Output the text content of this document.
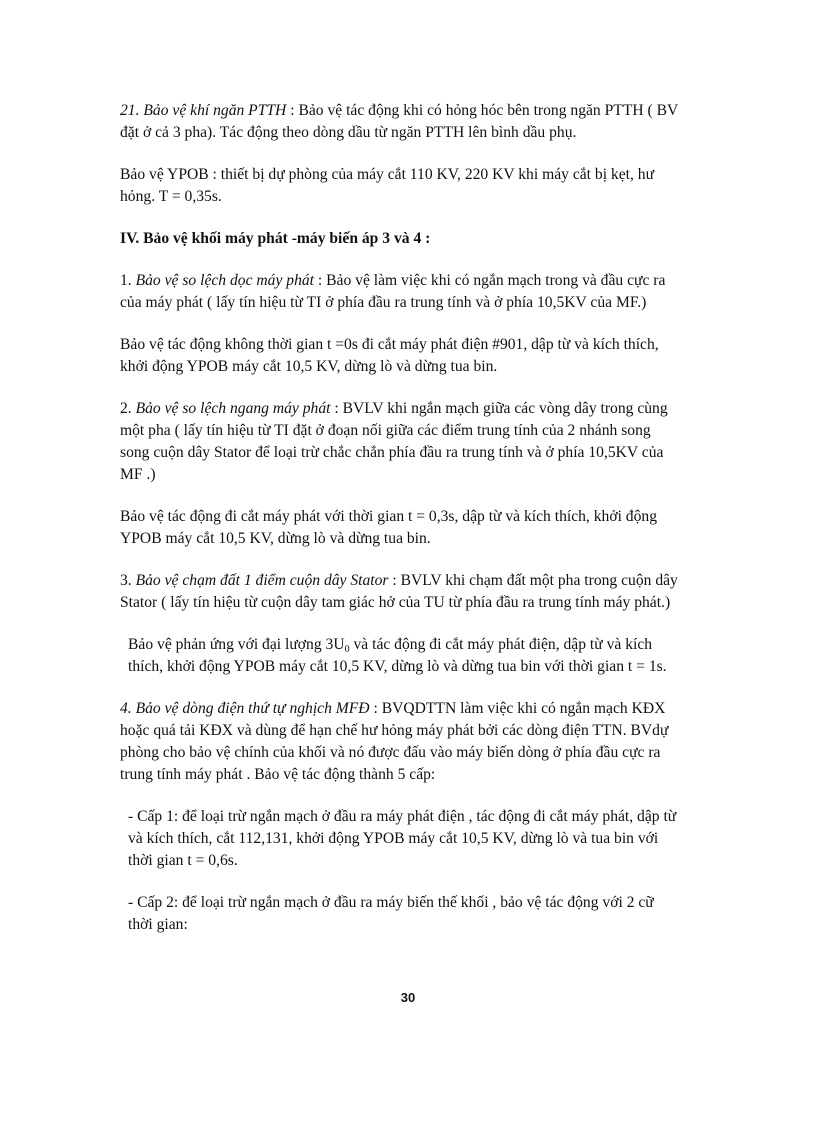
21. Bảo vệ khí ngăn PTTH : Bảo vệ tác động khi có hỏng hóc bên trong ngăn PTTH ( BV
đặt ở cả 3 pha). Tác động theo dòng dầu từ ngăn PTTH lên bình dầu phụ.

Bảo vệ YPOB : thiết bị dự phòng của máy cắt 110 KV, 220 KV khi máy cắt bị kẹt, hư
hỏng. T = 0,35s.

IV. Bảo vệ khối máy phát -máy biến áp 3 và 4 :

1. Bảo vệ so lệch dọc máy phát : Bảo vệ làm việc khi có ngắn mạch trong và đầu cực ra
của máy phát ( lấy tín hiệu từ TI ở phía đầu ra trung tính và ở phía 10,5KV của MF.)

Bảo vệ tác động không thời gian t =0s đi cắt máy phát điện #901, dập từ và kích thích,
khởi động YPOB máy cắt 10,5 KV, dừng lò và dừng tua bin.

2. Bảo vệ so lệch ngang máy phát : BVLV khi ngắn mạch giữa các vòng dây trong cùng
một pha ( lấy tín hiệu từ TI đặt ở đoạn nối giữa các điểm trung tính của 2 nhánh song
song cuộn dây Stator để loại trừ chắc chắn phía đầu ra trung tính và ở phía 10,5KV của
MF .)

Bảo vệ tác động đi cắt máy phát với thời gian t = 0,3s, dập từ và kích thích, khởi động
YPOB máy cắt 10,5 KV, dừng lò và dừng tua bin.

3. Bảo vệ chạm đất 1 điểm cuộn dây Stator : BVLV khi chạm đất một pha trong cuộn dây
Stator ( lấy tín hiệu từ cuộn dây tam giác hở của TU từ phía đầu ra trung tính máy phát.)

Bảo vệ phản ứng với đại lượng $3U_0$ và tác động đi cắt máy phát điện, dập từ và kích
thích, khởi động YPOB máy cắt 10,5 KV, dừng lò và dừng tua bin với thời gian t = 1s.

4. Bảo vệ dòng điện thứ tự nghịch MFĐ : BVQDTTN làm việc khi có ngắn mạch KĐX
hoặc quá tải KĐX và dùng để hạn chế hư hỏng máy phát bởi các dòng điện TTN. BVdự
phòng cho bảo vệ chính của khối và nó được đấu vào máy biến dòng ở phía đầu cực ra
trung tính máy phát . Bảo vệ tác động thành 5 cấp:

- Cấp 1: để loại trừ ngắn mạch ở đầu ra máy phát điện , tác động đi cắt máy phát, dập từ
và kích thích, cắt 112,131, khởi động YPOB máy cắt 10,5 KV, dừng lò và tua bin với
thời gian t = 0,6s.

- Cấp 2: để loại trừ ngắn mạch ở đầu ra máy biến thế khối , bảo vệ tác động với 2 cữ
thời gian:

30
